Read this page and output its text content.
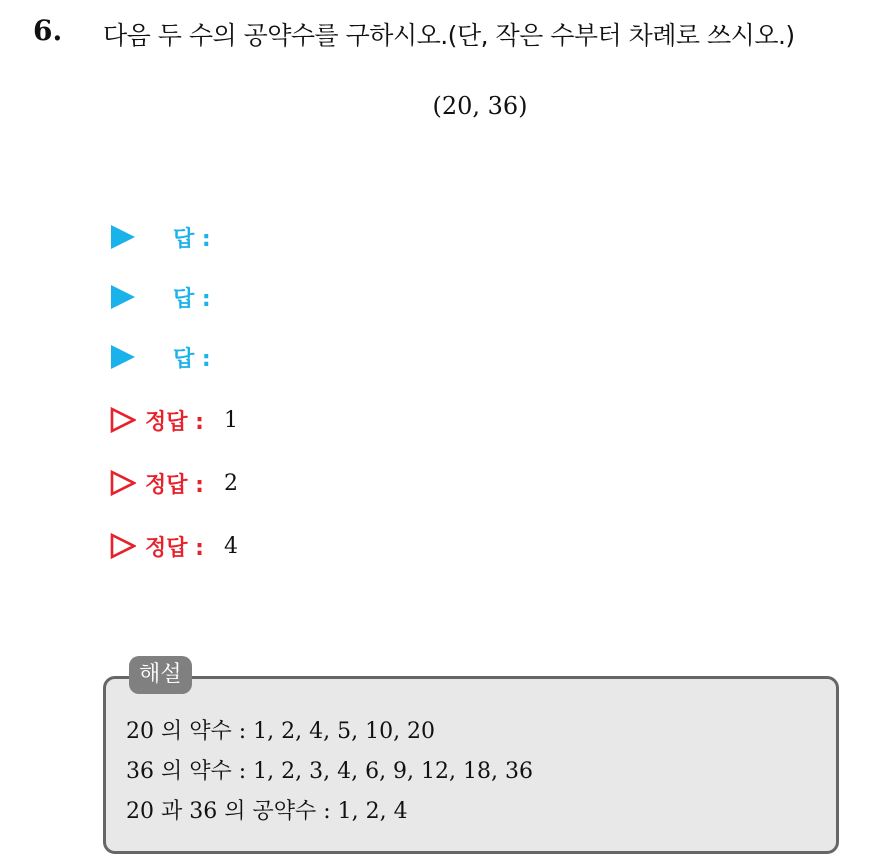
6. 다음 두 수의 공약수를 구하시오.(단, 작은 수부터 차례로 쓰시오.)
(20, 36)
답 :
답 :
답 :
정답 : 1
정답 : 2
정답 : 4
해설
20 의 약수 : 1, 2, 4, 5, 10, 20
36 의 약수 : 1, 2, 3, 4, 6, 9, 12, 18, 36
20 과 36 의 공약수 : 1, 2, 4
